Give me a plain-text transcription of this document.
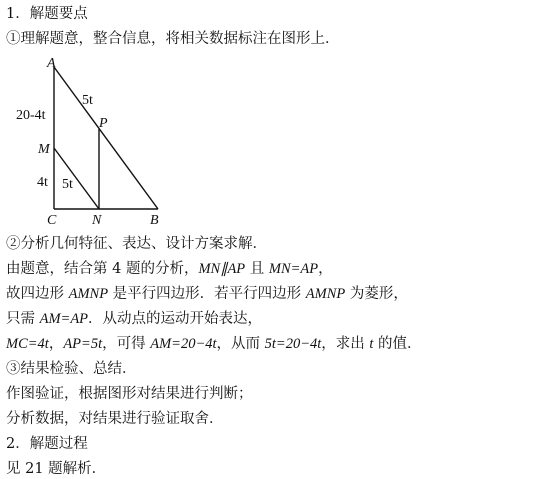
1．解题要点
①理解题意，整合信息，将相关数据标注在图形上．
A
M
C	N	B
P
20-4t
4t
5t
5t
②分析几何特征、表达、设计方案求解．
由题意，结合第 4 题的分析，MN∥AP 且 MN=AP，
故四边形 AMNP 是平行四边形．若平行四边形 AMNP 为菱形，
只需 AM=AP．从动点的运动开始表达，
MC=4t，AP=5t，可得 AM=20−4t，从而 5t=20−4t，求出 t 的值．
③结果检验、总结．
作图验证，根据图形对结果进行判断；
分析数据，对结果进行验证取舍．
2．解题过程
见 21 题解析．
